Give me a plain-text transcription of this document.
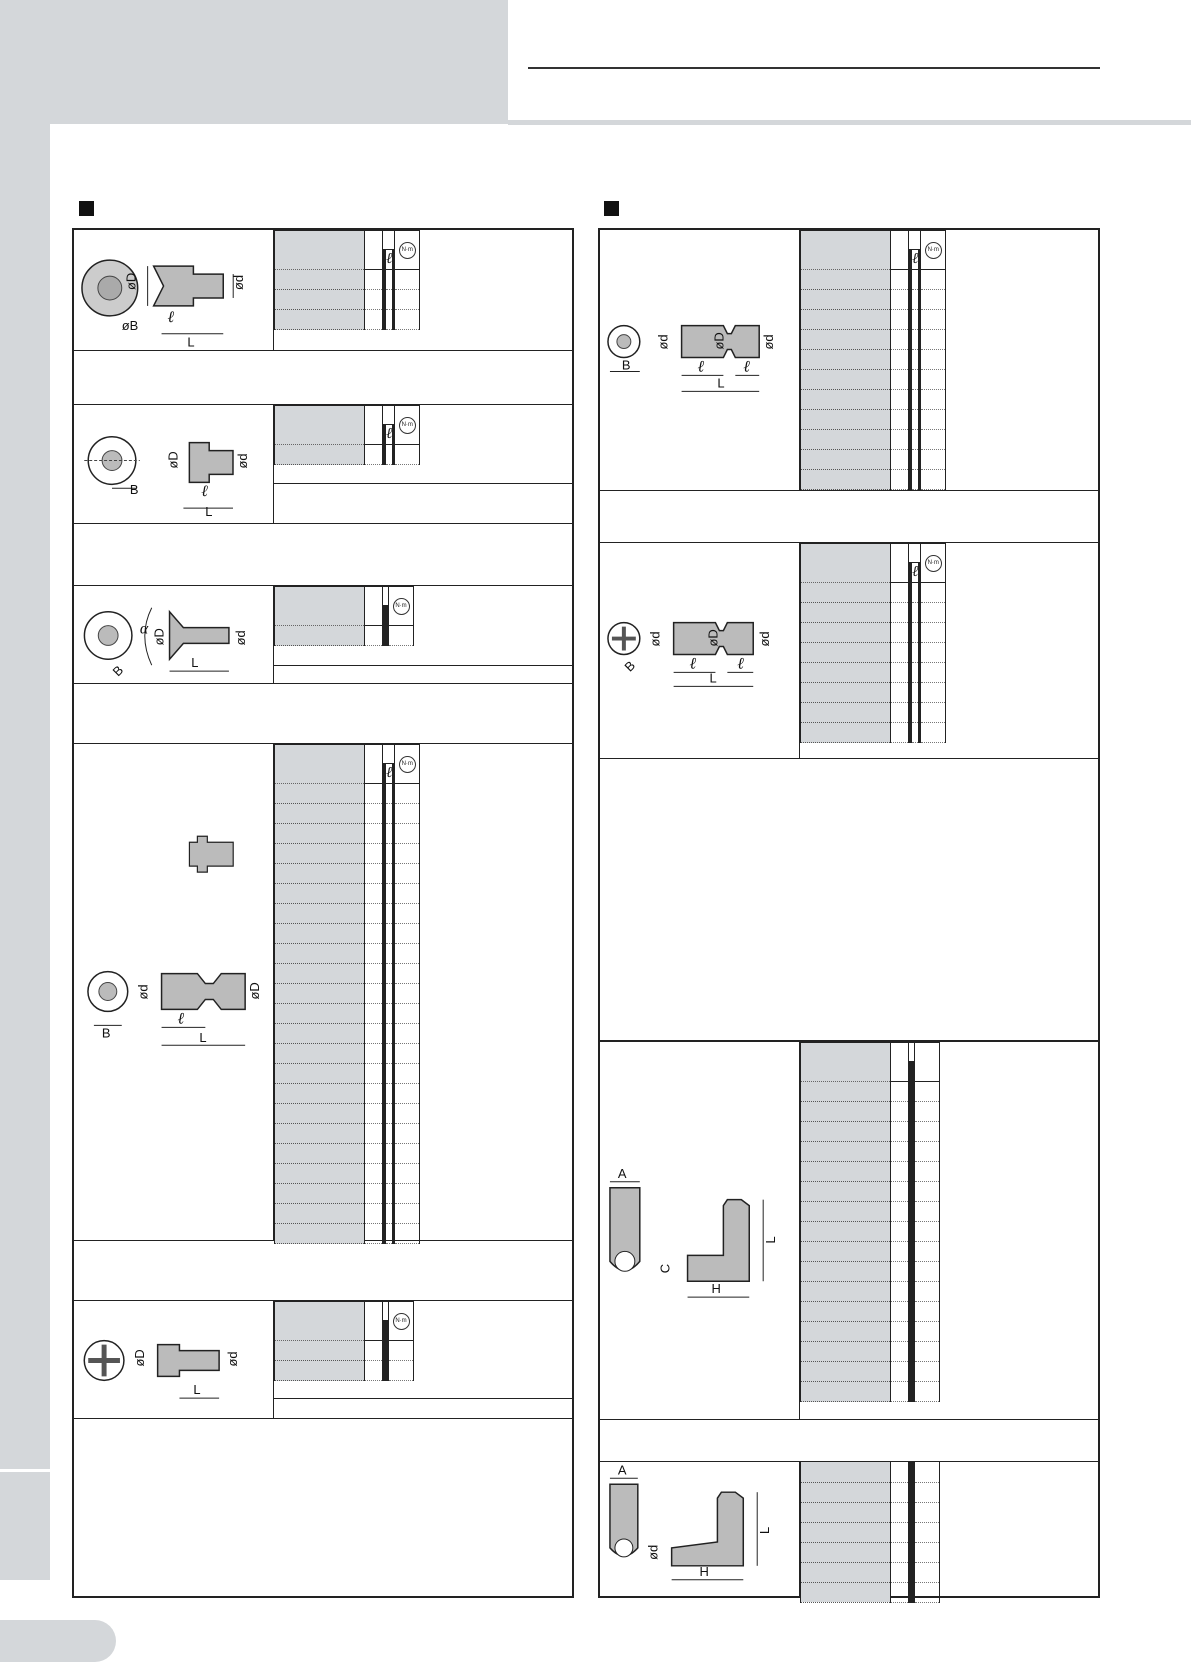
øD	ød
L
ℓ
øB
					N·m
			ℓ		

B
øD	ød
ℓ
L
					N·m
			ℓ		

B
α øD	ød
L
					N·m

B
ød	øD
ℓ
L
					N·m
			ℓ		

øD	ød
L
					N·m

B
ød	øD	ød
ℓ ℓ
L
					N·m
			ℓ		

B
ød	øD	ød
ℓ	ℓ
L
					N·m
			ℓ		

A
C
H
L

A
ød
H
L
